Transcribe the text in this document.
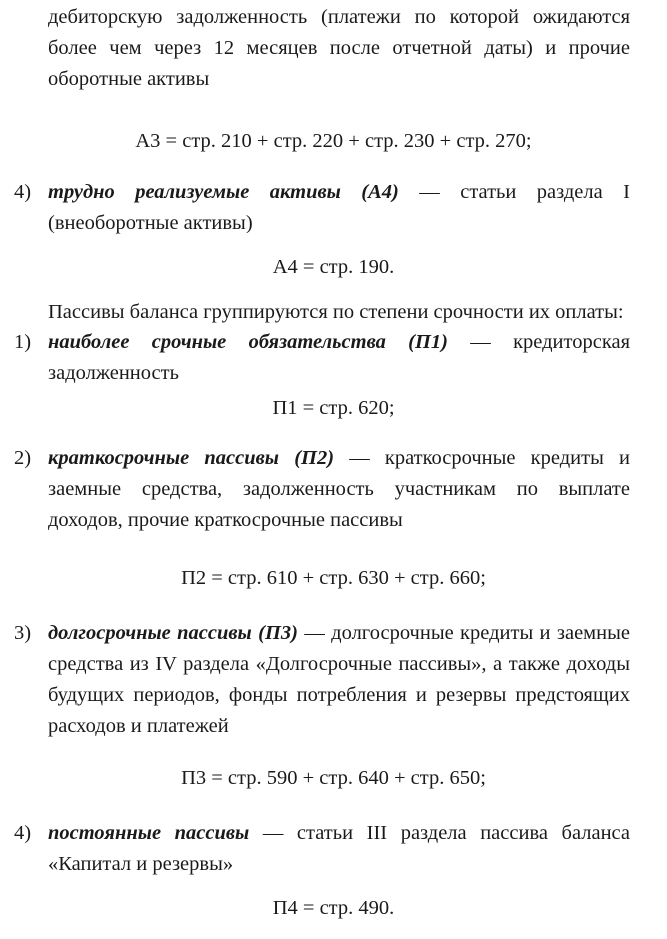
дебиторскую задолженность (платежи по которой ожидаются более чем через 12 месяцев после отчетной даты) и прочие оборотные активы

А3 = стр. 210 + стр. 220 + стр. 230 + стр. 270;

4) трудно реализуемые активы (А4) — статьи раздела I (внеоборотные активы)

А4 = стр. 190.

Пассивы баланса группируются по степени срочности их оплаты:

1) наиболее срочные обязательства (П1) — кредиторская задолженность

П1 = стр. 620;

2) краткосрочные пассивы (П2) — краткосрочные кредиты и заемные средства, задолженность участникам по выплате доходов, прочие краткосрочные пассивы

П2 = стр. 610 + стр. 630 + стр. 660;

3) долгосрочные пассивы (П3) — долгосрочные кредиты и заемные средства из IV раздела «Долгосрочные пассивы», а также доходы будущих периодов, фонды потребления и резервы предстоящих расходов и платежей

П3 = стр. 590 + стр. 640 + стр. 650;

4) постоянные пассивы — статьи III раздела пассива баланса «Капитал и резервы»

П4 = стр. 490.
